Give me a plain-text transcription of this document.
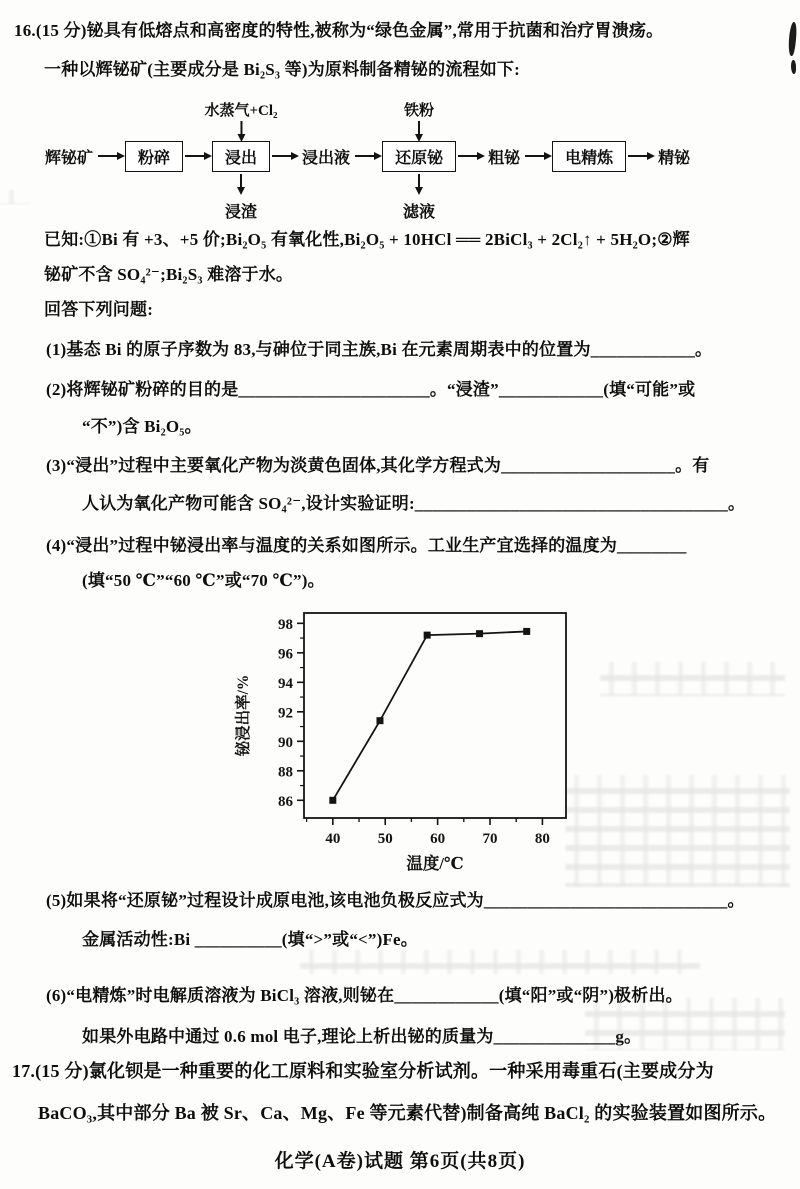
16.(15 分)铋具有低熔点和高密度的特性,被称为“绿色金属”,常用于抗菌和治疗胃溃疡。
一种以辉铋矿(主要成分是 Bi₂S₃ 等)为原料制备精铋的流程如下:
辉铋矿	粉碎
水蒸气+Cl₂
浸出
浸渣
浸出液
铁粉
还原铋
滤液
粗铋	电精炼	精铋
已知:①Bi 有 +3、+5 价;Bi₂O₅ 有氧化性,Bi₂O₅ + 10HCl ══ 2BiCl₃ + 2Cl₂↑ + 5H₂O;②辉
铋矿不含 SO₄²⁻;Bi₂S₃ 难溶于水。
回答下列问题:
(1)基态 Bi 的原子序数为 83,与砷位于同主族,Bi 在元素周期表中的位置为____________。
(2)将辉铋矿粉碎的目的是______________________。“浸渣”____________(填“可能”或
“不”)含 Bi₂O₅。
(3)“浸出”过程中主要氧化产物为淡黄色固体,其化学方程式为____________________。有
人认为氧化产物可能含 SO₄²⁻,设计实验证明:____________________________________。
(4)“浸出”过程中铋浸出率与温度的关系如图所示。工业生产宜选择的温度为________
(填“50 ℃”“60 ℃”或“70 ℃”)。
86
88
90
92
94
96
98
40 50 60 70 80
铋浸出率/%
温度/℃
(5)如果将“还原铋”过程设计成原电池,该电池负极反应式为____________________________。
金属活动性:Bi __________(填“>”或“<”)Fe。
(6)“电精炼”时电解质溶液为 BiCl₃ 溶液,则铋在____________(填“阳”或“阴”)极析出。
如果外电路中通过 0.6 mol 电子,理论上析出铋的质量为______________g。
17.(15 分)氯化钡是一种重要的化工原料和实验室分析试剂。一种采用毒重石(主要成分为
BaCO₃,其中部分 Ba 被 Sr、Ca、Mg、Fe 等元素代替)制备高纯 BaCl₂ 的实验装置如图所示。
化学(A卷)试题 第6页(共8页)
